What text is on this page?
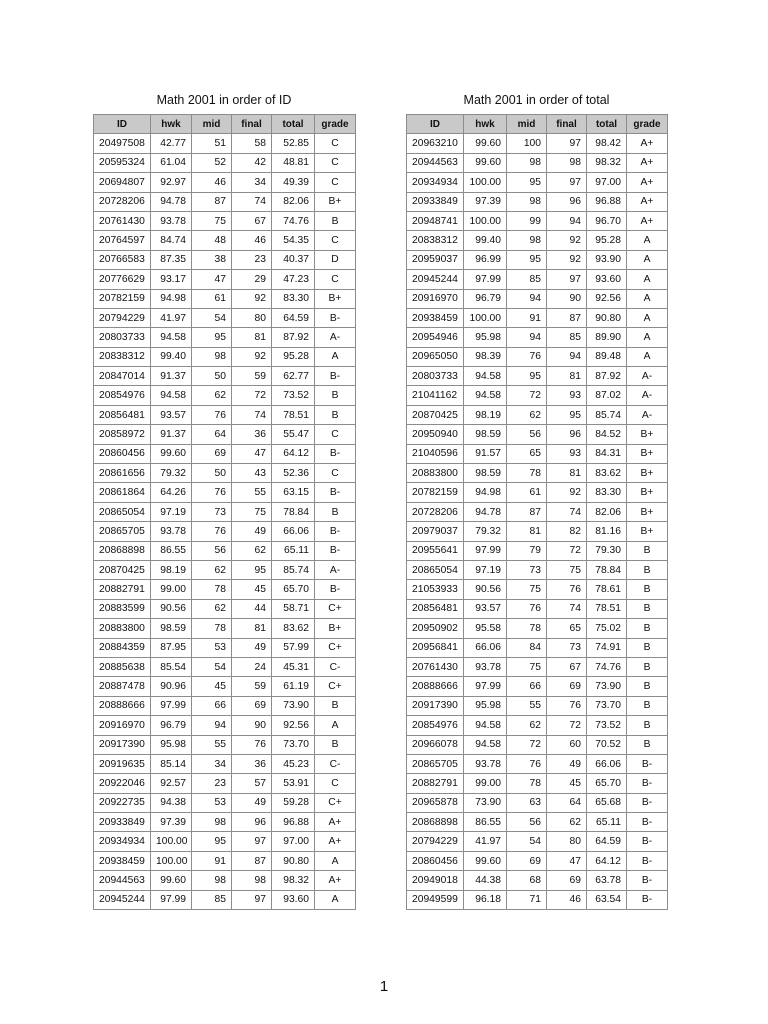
Math 2001 in order of ID
ID	hwk	mid	final	total	grade
20497508	42.77	51	58	52.85	C
20595324	61.04	52	42	48.81	C
20694807	92.97	46	34	49.39	C
20728206	94.78	87	74	82.06	B+
20761430	93.78	75	67	74.76	B
20764597	84.74	48	46	54.35	C
20766583	87.35	38	23	40.37	D
20776629	93.17	47	29	47.23	C
20782159	94.98	61	92	83.30	B+
20794229	41.97	54	80	64.59	B-
20803733	94.58	95	81	87.92	A-
20838312	99.40	98	92	95.28	A
20847014	91.37	50	59	62.77	B-
20854976	94.58	62	72	73.52	B
20856481	93.57	76	74	78.51	B
20858972	91.37	64	36	55.47	C
20860456	99.60	69	47	64.12	B-
20861656	79.32	50	43	52.36	C
20861864	64.26	76	55	63.15	B-
20865054	97.19	73	75	78.84	B
20865705	93.78	76	49	66.06	B-
20868898	86.55	56	62	65.11	B-
20870425	98.19	62	95	85.74	A-
20882791	99.00	78	45	65.70	B-
20883599	90.56	62	44	58.71	C+
20883800	98.59	78	81	83.62	B+
20884359	87.95	53	49	57.99	C+
20885638	85.54	54	24	45.31	C-
20887478	90.96	45	59	61.19	C+
20888666	97.99	66	69	73.90	B
20916970	96.79	94	90	92.56	A
20917390	95.98	55	76	73.70	B
20919635	85.14	34	36	45.23	C-
20922046	92.57	23	57	53.91	C
20922735	94.38	53	49	59.28	C+
20933849	97.39	98	96	96.88	A+
20934934	100.00	95	97	97.00	A+
20938459	100.00	91	87	90.80	A
20944563	99.60	98	98	98.32	A+
20945244	97.99	85	97	93.60	A
Math 2001 in order of total
ID	hwk	mid	final	total	grade
20963210	99.60	100	97	98.42	A+
20944563	99.60	98	98	98.32	A+
20934934	100.00	95	97	97.00	A+
20933849	97.39	98	96	96.88	A+
20948741	100.00	99	94	96.70	A+
20838312	99.40	98	92	95.28	A
20959037	96.99	95	92	93.90	A
20945244	97.99	85	97	93.60	A
20916970	96.79	94	90	92.56	A
20938459	100.00	91	87	90.80	A
20954946	95.98	94	85	89.90	A
20965050	98.39	76	94	89.48	A
20803733	94.58	95	81	87.92	A-
21041162	94.58	72	93	87.02	A-
20870425	98.19	62	95	85.74	A-
20950940	98.59	56	96	84.52	B+
21040596	91.57	65	93	84.31	B+
20883800	98.59	78	81	83.62	B+
20782159	94.98	61	92	83.30	B+
20728206	94.78	87	74	82.06	B+
20979037	79.32	81	82	81.16	B+
20955641	97.99	79	72	79.30	B
20865054	97.19	73	75	78.84	B
21053933	90.56	75	76	78.61	B
20856481	93.57	76	74	78.51	B
20950902	95.58	78	65	75.02	B
20956841	66.06	84	73	74.91	B
20761430	93.78	75	67	74.76	B
20888666	97.99	66	69	73.90	B
20917390	95.98	55	76	73.70	B
20854976	94.58	62	72	73.52	B
20966078	94.58	72	60	70.52	B
20865705	93.78	76	49	66.06	B-
20882791	99.00	78	45	65.70	B-
20965878	73.90	63	64	65.68	B-
20868898	86.55	56	62	65.11	B-
20794229	41.97	54	80	64.59	B-
20860456	99.60	69	47	64.12	B-
20949018	44.38	68	69	63.78	B-
20949599	96.18	71	46	63.54	B-
1
